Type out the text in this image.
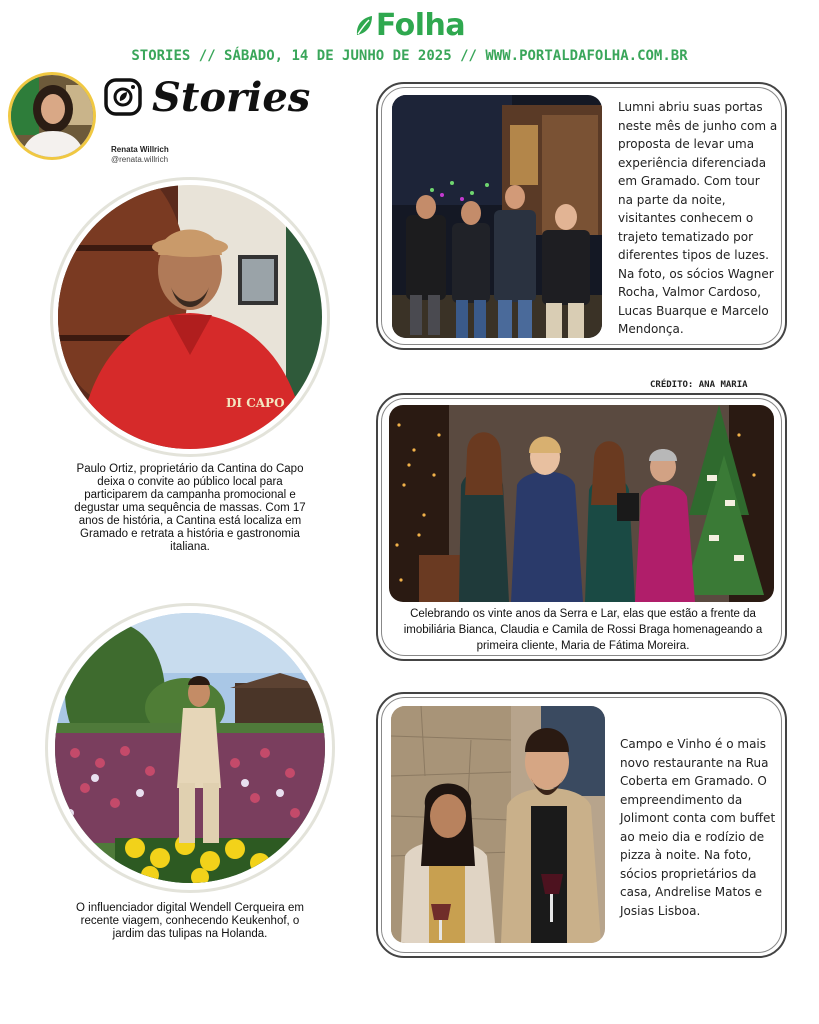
Folha
STORIES // SÁBADO, 14 DE JUNHO DE 2025 // WWW.PORTALDAFOLHA.COM.BR
Stories
Renata Willrich
@renata.willrich
DI CAPO
Paulo Ortiz, proprietário da Cantina do Capo deixa o convite ao público local para participarem da campanha promocional e degustar uma sequência de massas. Com 17 anos de história, a Cantina está localiza em Gramado e retrata a história e gastronomia italiana.
O influenciador digital Wendell Cerqueira em recente viagem, conhecendo Keukenhof, o jardim das tulipas na Holanda.
Lumni abriu suas portas neste mês de junho com a proposta de levar uma experiência diferenciada em Gramado. Com tour na parte da noite, visitantes conhecem o trajeto tematizado por diferentes tipos de luzes. Na foto, os sócios Wagner Rocha, Valmor Cardoso, Lucas Buarque e Marcelo Mendonça.
CRÉDITO: ANA MARIA
Celebrando os vinte anos da Serra e Lar, elas que estão a frente da imobiliária Bianca, Claudia e Camila de Rossi Braga homenageando a primeira cliente, Maria de Fátima Moreira.
Campo e Vinho é o mais novo restaurante na Rua Coberta em Gramado. O empreendimento da Jolimont conta com buffet ao meio dia e rodízio de pizza à noite. Na foto, sócios proprietários da casa, Andrelise Matos e Josias Lisboa.
